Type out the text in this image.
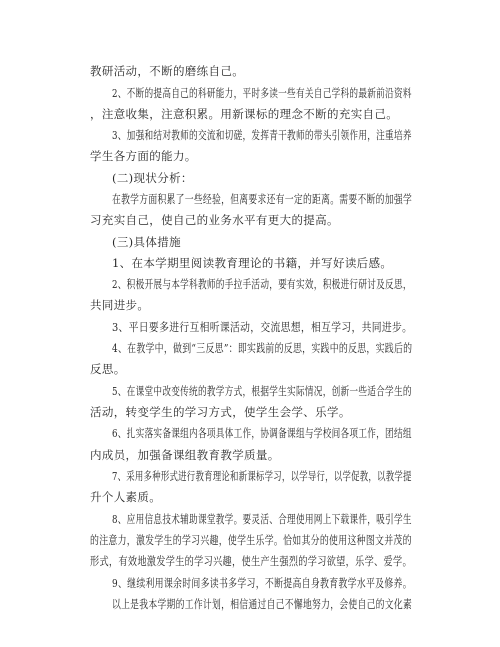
教研活动，不断的磨练自己。
2、不断的提高自己的科研能力，平时多读一些有关自己学科的最新前沿资料
，注意收集，注意积累。用新课标的理念不断的充实自己。
3、加强和结对教师的交流和切磋，发挥青干教师的带头引领作用，注重培养
学生各方面的能力。
(二)现状分析：
在教学方面积累了一些经验，但离要求还有一定的距离。需要不断的加强学
习充实自己，使自己的业务水平有更大的提高。
(三)具体措施
1、在本学期里阅读教育理论的书籍，并写好读后感。
2、积极开展与本学科教师的手拉手活动，要有实效，积极进行研讨及反思，
共同进步。
3、平日要多进行互相听课活动，交流思想，相互学习，共同进步。
4、在教学中，做到“三反思”：即实践前的反思，实践中的反思，实践后的
反思。
5、在课堂中改变传统的教学方式，根据学生实际情况，创新一些适合学生的
活动，转变学生的学习方式，使学生会学、乐学。
6、扎实落实备课组内各项具体工作，协调备课组与学校间各项工作，团结组
内成员，加强备课组教育教学质量。
7、采用多种形式进行教育理论和新课标学习，以学导行，以学促教，以教学提
升个人素质。
8、应用信息技术辅助课堂教学。要灵活、合理使用网上下载课件，吸引学生
的注意力，激发学生的学习兴趣，使学生乐学。恰如其分的使用这种图文并茂的
形式，有效地激发学生的学习兴趣，使生产生强烈的学习欲望，乐学、爱学。
9、继续利用课余时间多读书多学习，不断提高自身教育教学水平及修养。
以上是我本学期的工作计划，相信通过自己不懈地努力，会使自己的文化素
